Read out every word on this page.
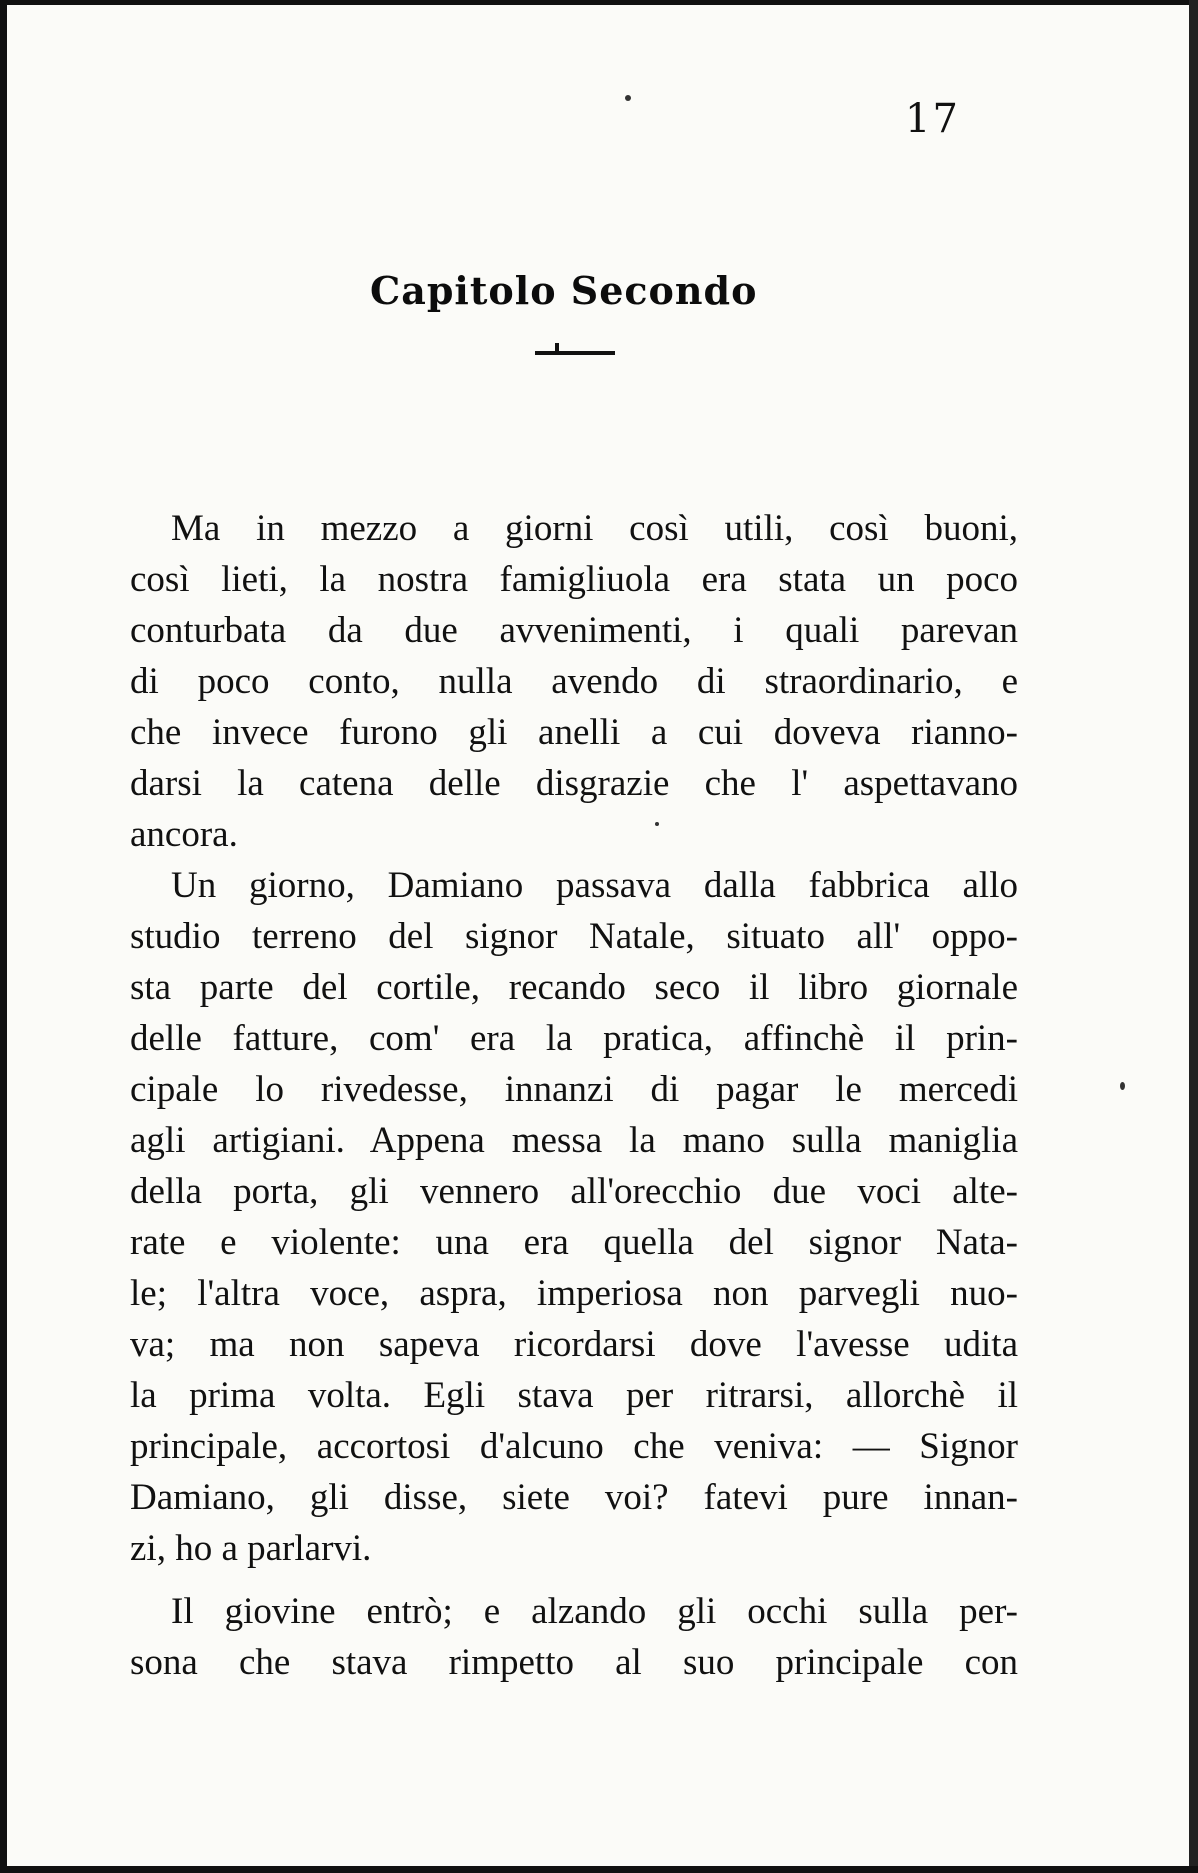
17
Capitolo Secondo
Ma in mezzo a giorni così utili, così buoni,
così lieti, la nostra famigliuola era stata un poco
conturbata da due avvenimenti, i quali parevan
di poco conto, nulla avendo di straordinario, e
che invece furono gli anelli a cui doveva rianno-
darsi la catena delle disgrazie che l' aspettavano
ancora.
Un giorno, Damiano passava dalla fabbrica allo
studio terreno del signor Natale, situato all' oppo-
sta parte del cortile, recando seco il libro giornale
delle fatture, com' era la pratica, affinchè il prin-
cipale lo rivedesse, innanzi di pagar le mercedi
agli artigiani. Appena messa la mano sulla maniglia
della porta, gli vennero all'orecchio due voci alte-
rate e violente: una era quella del signor Nata-
le; l'altra voce, aspra, imperiosa non parvegli nuo-
va; ma non sapeva ricordarsi dove l'avesse udita
la prima volta. Egli stava per ritrarsi, allorchè il
principale, accortosi d'alcuno che veniva: — Signor
Damiano, gli disse, siete voi? fatevi pure innan-
zi, ho a parlarvi.
Il giovine entrò; e alzando gli occhi sulla per-
sona che stava rimpetto al suo principale con
